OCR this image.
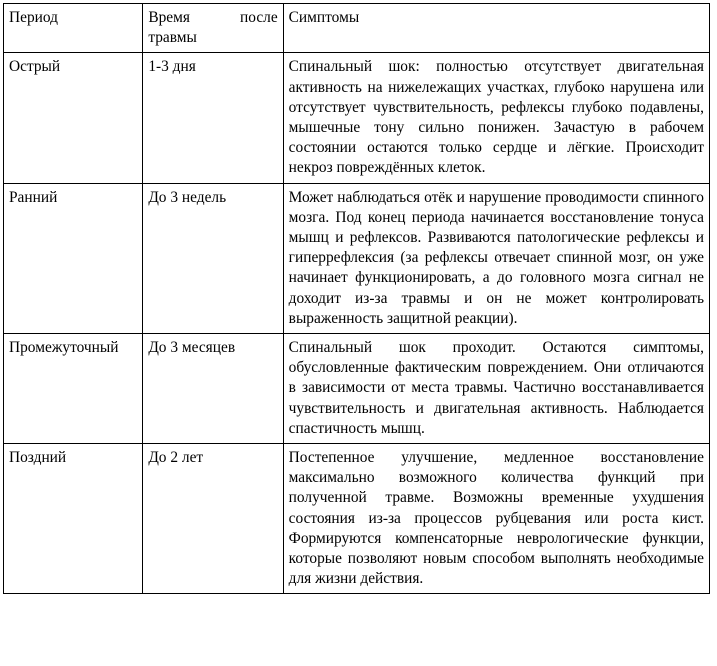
Период	Время после травмы	Симптомы
Острый	1-3 дня	Спинальный шок: полностью отсутствует двигательная активность на нижележащих участках, глубоко нарушена или отсутствует чувствительность, рефлексы глубоко подавлены, мышечные тону сильно понижен. Зачастую в рабочем состоянии остаются только сердце и лёгкие. Происходит некроз повреждённых клеток.
Ранний	До 3 недель	Может наблюдаться отёк и нарушение проводимости спинного мозга. Под конец периода начинается восстановление тонуса мышц и рефлексов. Развиваются патологические рефлексы и гиперрефлексия (за рефлексы отвечает спинной мозг, он уже начинает функционировать, а до головного мозга сигнал не доходит из-за травмы и он не может контролировать выраженность защитной реакции).
Промежуточный	До 3 месяцев	Спинальный шок проходит. Остаются симптомы, обусловленные фактическим повреждением. Они отличаются в зависимости от места травмы. Частично восстанавливается чувствительность и двигательная активность. Наблюдается спастичность мышц.
Поздний	До 2 лет	Постепенное улучшение, медленное восстановление максимально возможного количества функций при полученной травме. Возможны временные ухудшения состояния из-за процессов рубцевания или роста кист. Формируются компенсаторные неврологические функции, которые позволяют новым способом выполнять необходимые для жизни действия.
